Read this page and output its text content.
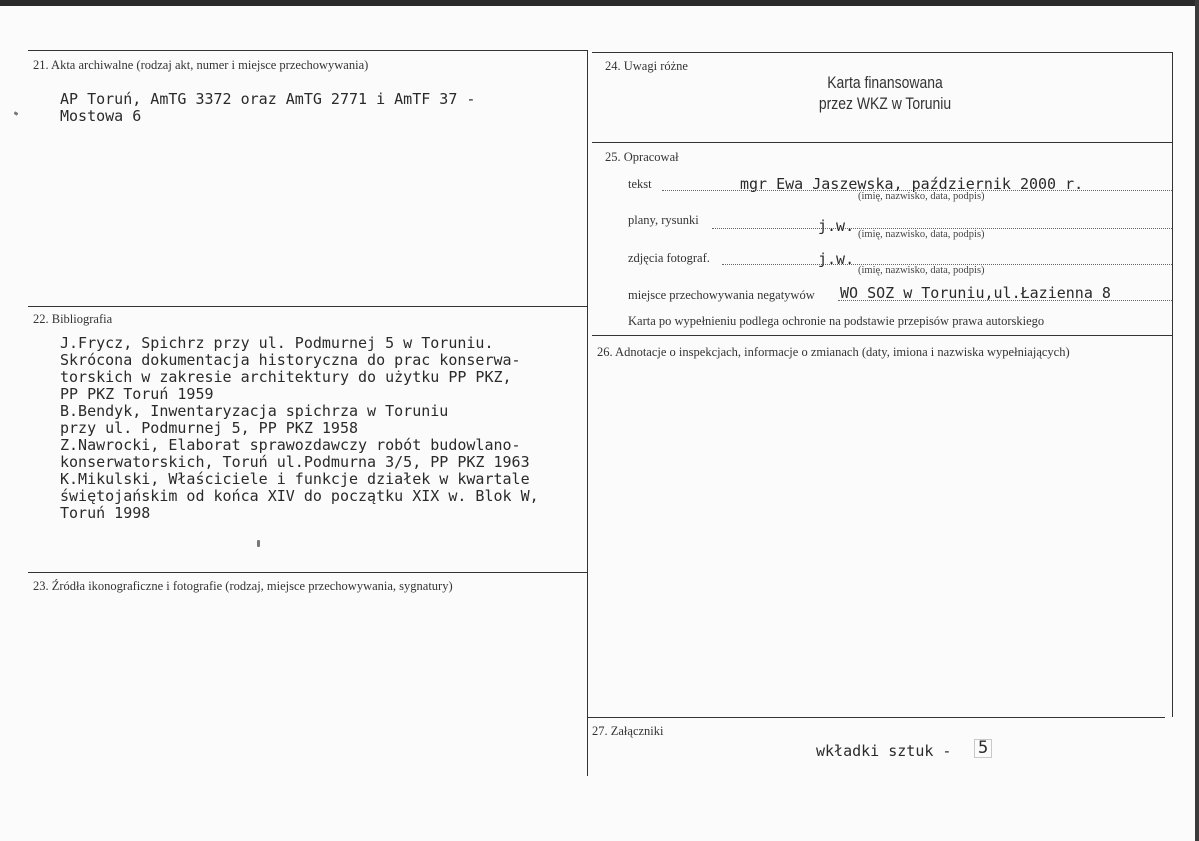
21. Akta archiwalne (rodzaj akt, numer i miejsce przechowywania)
AP Toruń, AmTG 3372 oraz AmTG 2771 i AmTF 37 -
Mostowa 6
22. Bibliografia
J.Frycz, Spichrz przy ul. Podmurnej 5 w Toruniu.
Skrócona dokumentacja historyczna do prac konserwa-
torskich w zakresie architektury do użytku PP PKZ,
PP PKZ Toruń 1959
B.Bendyk, Inwentaryzacja spichrza w Toruniu
przy ul. Podmurnej 5, PP PKZ 1958
Z.Nawrocki, Elaborat sprawozdawczy robót budowlano-
konserwatorskich, Toruń ul.Podmurna 3/5, PP PKZ 1963
K.Mikulski, Właściciele i funkcje działek w kwartale
świętojańskim od końca XIV do początku XIX w. Blok W,
Toruń 1998
23. Źródła ikonograficzne i fotografie (rodzaj, miejsce przechowywania, sygnatury)
24. Uwagi różne
Karta finansowana
przez WKZ w Toruniu
25. Opracował
tekst	mgr Ewa Jaszewska, październik 2000 r.
(imię, nazwisko, data, podpis)
plany, rysunki	j.w. (imię, nazwisko, data, podpis)
zdjęcia fotograf.	j.w.
(imię, nazwisko, data, podpis)
miejsce przechowywania negatywów WO SOZ w Toruniu,ul.Łazienna 8
Karta po wypełnieniu podlega ochronie na podstawie przepisów prawa autorskiego
26. Adnotacje o inspekcjach, informacje o zmianach (daty, imiona i nazwiska wypełniających)
27. Załączniki
wkładki sztuk - 5
